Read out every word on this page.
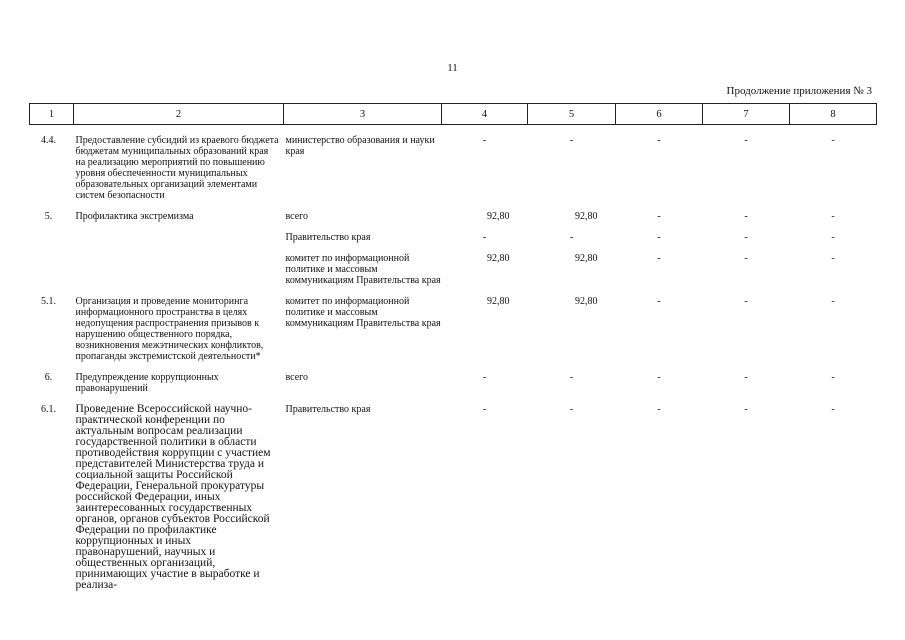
11
Продолжение приложения № 3
1	2	3	4	5	6	7	8

4.4.	Предоставление субсидий из краевого бюджета бюджетам муниципальных образований края на реализацию мероприятий по повышению уровня обеспеченности муниципальных образовательных организаций элементами систем безопасности	министерство образования и науки края	-	-	-	-	-

5.	Профилактика экстремизма	всего	92,80	92,80	-	-	-

		Правительство края	-	-	-	-	-

		комитет по информационной политике и массовым коммуникациям Правительства края	92,80	92,80	-	-	-

5.1.	Организация и проведение мониторинга информационного пространства в целях недопущения распространения призывов к нарушению общественного порядка, возникновения межэтнических конфликтов, пропаганды экстремистской деятельности*	комитет по информационной политике и массовым коммуникациям Правительства края	92,80	92,80	-	-	-

6.	Предупреждение коррупционных правонарушений	всего	-	-	-	-	-

6.1.	Проведение Всероссийской научно-практической конференции по актуальным вопросам реализации государственной политики в области противодействия коррупции с участием представителей Министерства труда и социальной защиты Российской Федерации, Генеральной прокуратуры российской Федерации, иных заинтересованных государственных органов, органов субъектов Российской Федерации по профилактике коррупционных и иных правонарушений, научных и общественных организаций, принимающих участие в выработке и реализа-	Правительство края	-	-	-	-	-
